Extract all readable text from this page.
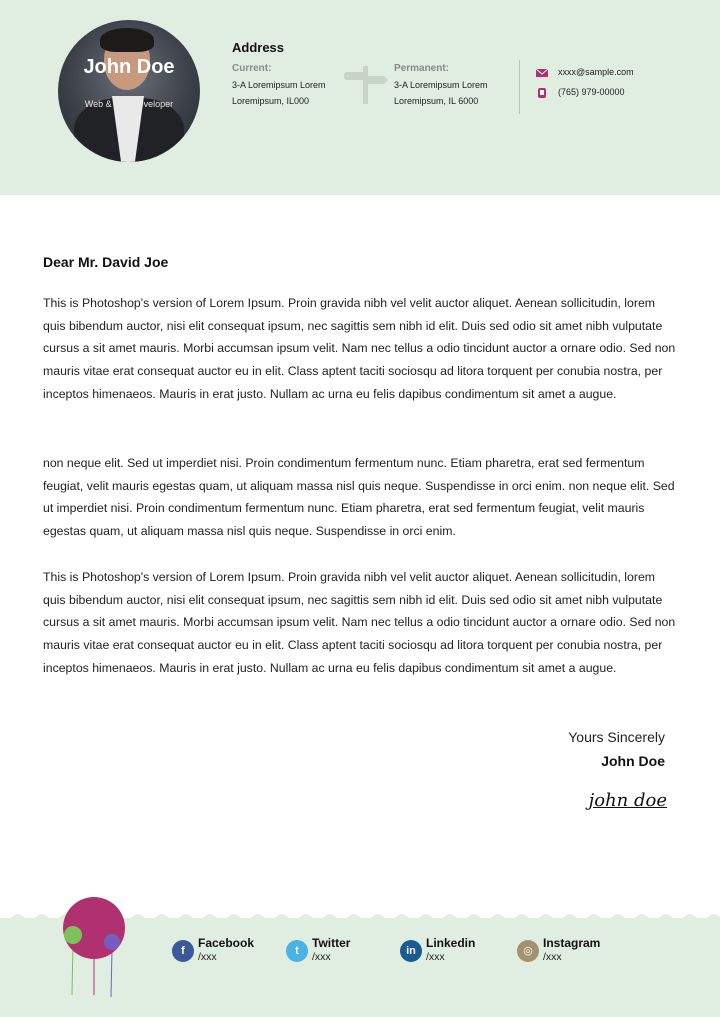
John Doe
Web & App Developer
Address
Current:
3-A Loremipsum Lorem
Loremipsum, IL000
Permanent:
3-A Loremipsum Lorem
Loremipsum, IL 6000
xxxx@sample.com
(765) 979-00000
Dear Mr. David Joe
This is Photoshop's version of Lorem Ipsum. Proin gravida nibh vel velit auctor aliquet. Aenean sollicitudin, lorem quis bibendum auctor, nisi elit consequat ipsum, nec sagittis sem nibh id elit. Duis sed odio sit amet nibh vulputate cursus a sit amet mauris. Morbi accumsan ipsum velit. Nam nec tellus a odio tincidunt auctor a ornare odio. Sed non mauris vitae erat consequat auctor eu in elit. Class aptent taciti sociosqu ad litora torquent per conubia nostra, per inceptos himenaeos. Mauris in erat justo. Nullam ac urna eu felis dapibus condimentum sit amet a augue.
non neque elit. Sed ut imperdiet nisi. Proin condimentum fermentum nunc. Etiam pharetra, erat sed fermentum feugiat, velit mauris egestas quam, ut aliquam massa nisl quis neque. Suspendisse in orci enim. non neque elit. Sed ut imperdiet nisi. Proin condimentum fermentum nunc. Etiam pharetra, erat sed fermentum feugiat, velit mauris egestas quam, ut aliquam massa nisl quis neque. Suspendisse in orci enim.
This is Photoshop's version of Lorem Ipsum. Proin gravida nibh vel velit auctor aliquet. Aenean sollicitudin, lorem quis bibendum auctor, nisi elit consequat ipsum, nec sagittis sem nibh id elit. Duis sed odio sit amet nibh vulputate cursus a sit amet mauris. Morbi accumsan ipsum velit. Nam nec tellus a odio tincidunt auctor a ornare odio. Sed non mauris vitae erat consequat auctor eu in elit. Class aptent taciti sociosqu ad litora torquent per conubia nostra, per inceptos himenaeos. Mauris in erat justo. Nullam ac urna eu felis dapibus condimentum sit amet a augue.
Yours Sincerely
John Doe
john doe
f
Facebook
/xxx	t
Twitter
/xxx	in
Linkedin
/xxx	◎
Instagram
/xxx
